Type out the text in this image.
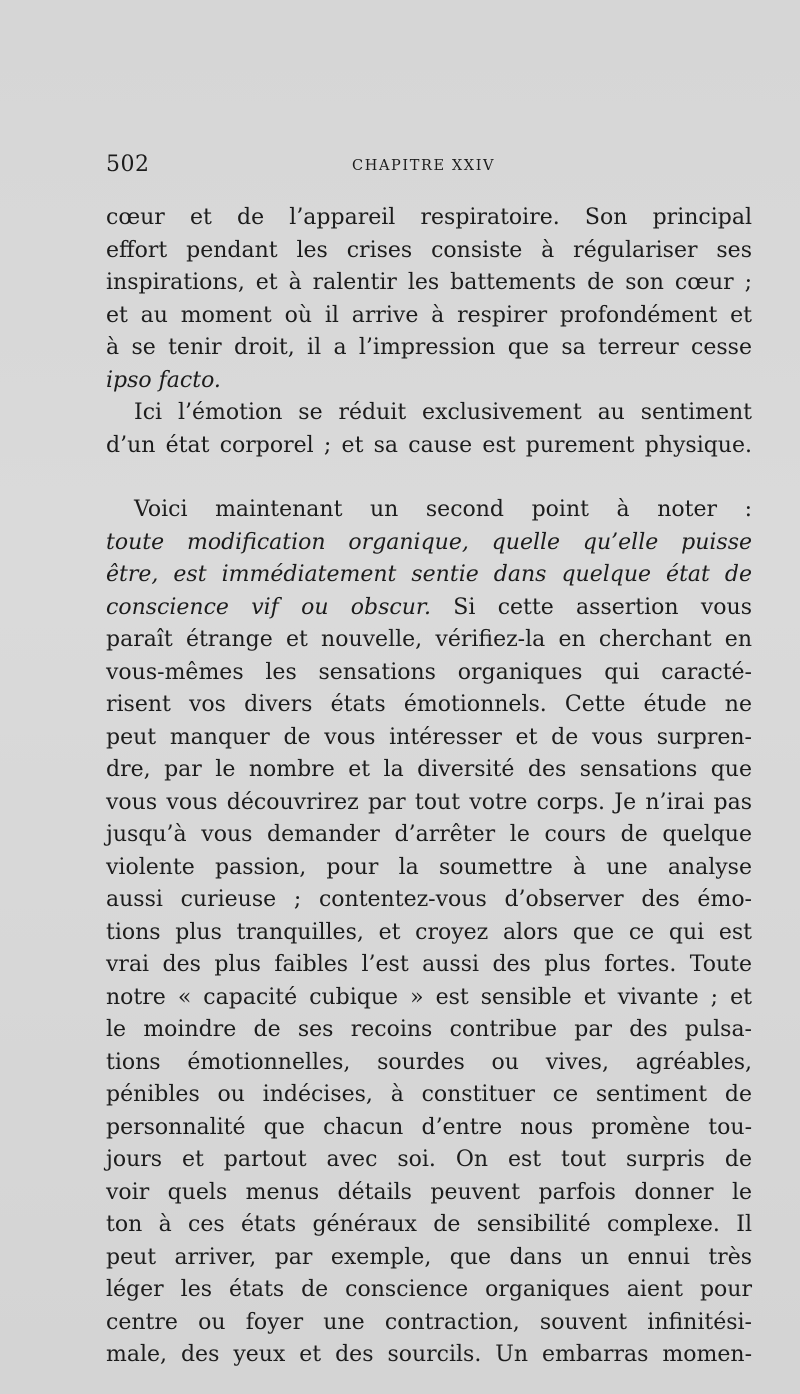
502	CHAPITRE XXIV
cœur et de l’appareil respiratoire. Son principal
effort pendant les crises consiste à régulariser ses
inspirations, et à ralentir les battements de son cœur ;
et au moment où il arrive à respirer profondément et
à se tenir droit, il a l’impression que sa terreur cesse
ipso facto.
Ici l’émotion se réduit exclusivement au sentiment
d’un état corporel ; et sa cause est purement physique.
Voici maintenant un second point à noter :
toute modification organique, quelle qu’elle puisse
être, est immédiatement sentie dans quelque état de
conscience vif ou obscur. Si cette assertion vous
paraît étrange et nouvelle, vérifiez-la en cherchant en
vous-mêmes les sensations organiques qui caracté-
risent vos divers états émotionnels. Cette étude ne
peut manquer de vous intéresser et de vous surpren-
dre, par le nombre et la diversité des sensations que
vous vous découvrirez par tout votre corps. Je n’irai pas
jusqu’à vous demander d’arrêter le cours de quelque
violente passion, pour la soumettre à une analyse
aussi curieuse ; contentez-vous d’observer des émo-
tions plus tranquilles, et croyez alors que ce qui est
vrai des plus faibles l’est aussi des plus fortes. Toute
notre « capacité cubique » est sensible et vivante ; et
le moindre de ses recoins contribue par des pulsa-
tions émotionnelles, sourdes ou vives, agréables,
pénibles ou indécises, à constituer ce sentiment de
personnalité que chacun d’entre nous promène tou-
jours et partout avec soi. On est tout surpris de
voir quels menus détails peuvent parfois donner le
ton à ces états généraux de sensibilité complexe. Il
peut arriver, par exemple, que dans un ennui très
léger les états de conscience organiques aient pour
centre ou foyer une contraction, souvent infinitési-
male, des yeux et des sourcils. Un embarras momen-
